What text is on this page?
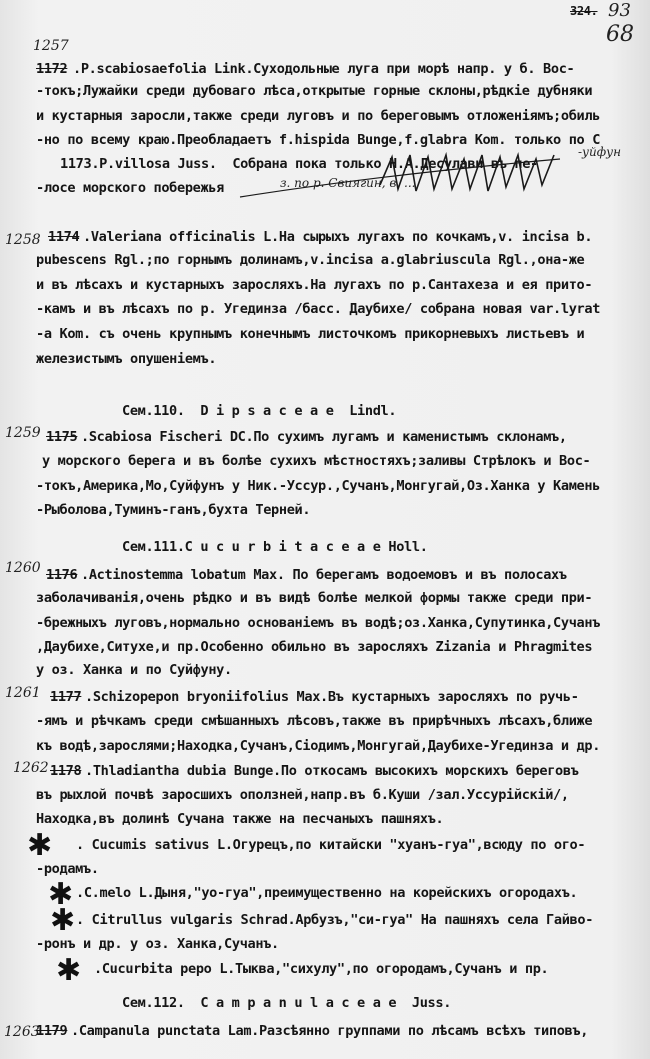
324. 93
68
1257
1258
1259
1260
1261
1262
1263
1172 .P.scabiosaefolia Link.Суходольные луга при морѣ напр. у б. Вос-
-токъ;Лужайки среди дубоваго лѣса,открытые горные склоны,рѣдкіе дубняки
и кустарныя заросли,также среди луговъ и по береговымъ отложеніямъ;обиль
-но по всему краю.Преобладаетъ f.hispida Bunge,f.glabra Kom. только по С
-уйфун
1173.P.villosa Juss.  Собрана пока только Н.А.Десулави въ пе-
-лосе морского побережья	з. по р. Свиягин, в  ...
1174 .Valeriana officinalis L.На сырыхъ лугахъ по кочкамъ,v. incisa b.
pubescens Rgl.;по горнымъ долинамъ,v.incisa a.glabriuscula Rgl.,она-же
и въ лѣсахъ и кустарныхъ заросляхъ.На лугахъ по р.Сантахеза и ея прито-
-камъ и въ лѣсахъ по р. Угединза /басс. Даубихе/ собрана новая var.lyrat
-a Kom. съ очень крупнымъ конечнымъ листочкомъ прикорневыхъ листьевъ и
железистымъ опушеніемъ.
Сем.110.  D i p s a c e a e  Lindl.
1175 .Scabiosa Fischeri DC.По сухимъ лугамъ и каменистымъ склонамъ,
у морского берега и въ болѣе сухихъ мѣстностяхъ;заливы Стрѣлокъ и Вос-
-токъ,Америка,Мо,Суйфунъ у Ник.-Уссур.,Сучанъ,Монгугай,Оз.Ханка у Камень
-Рыболова,Туминъ-ганъ,бухта Терней.
Сем.111.C u c u r b i t a c e a e Holl.
1176 .Actinostemma lobatum Max. По берегамъ водоемовъ и въ полосахъ
заболачиванія,очень рѣдко и въ видѣ болѣе мелкой формы также среди при-
-брежныхъ луговъ,нормально основаніемъ въ водѣ;оз.Ханка,Супутинка,Сучанъ
,Даубихе,Ситухе,и пр.Особенно обильно въ заросляхъ Zizania и Phragmites
у оз. Ханка и по Суйфуну.
1177 .Schizopepon bryoniifolius Max.Въ кустарныхъ заросляхъ по ручь-
-ямъ и рѣчкамъ среди смѣшанныхъ лѣсовъ,также въ прирѣчныхъ лѣсахъ,ближе
къ водѣ,зарослями;Находка,Сучанъ,Сіодимъ,Монгугай,Даубихе-Угединза и др.
1178 .Thladiantha dubia Bunge.По откосамъ высокихъ морскихъ береговъ
въ рыхлой почвѣ заросшихъ оползней,напр.въ б.Куши /зал.Уссурійскій/,
Находка,въ долинѣ Сучана также на песчаныхъ пашняхъ.
✱ . Cucumis sativus L.Огурецъ,по китайски "хуанъ-гуа",всюду по ого-
-родамъ.
✱ .C.melo L.Дыня,"уо-гуа",преимущественно на корейскихъ огородахъ.
✱ . Citrullus vulgaris Schrad.Арбузъ,"си-гуа" На пашняхъ села Гайво-
-ронъ и др. у оз. Ханка,Сучанъ.
✱ .Cucurbita pepo L.Тыква,"сихулу",по огородамъ,Сучанъ и пр.
Сем.112.  C a m p a n u l a c e a e  Juss.
1179 .Campanula punctata Lam.Разсѣянно группами по лѣсамъ всѣхъ типовъ,
